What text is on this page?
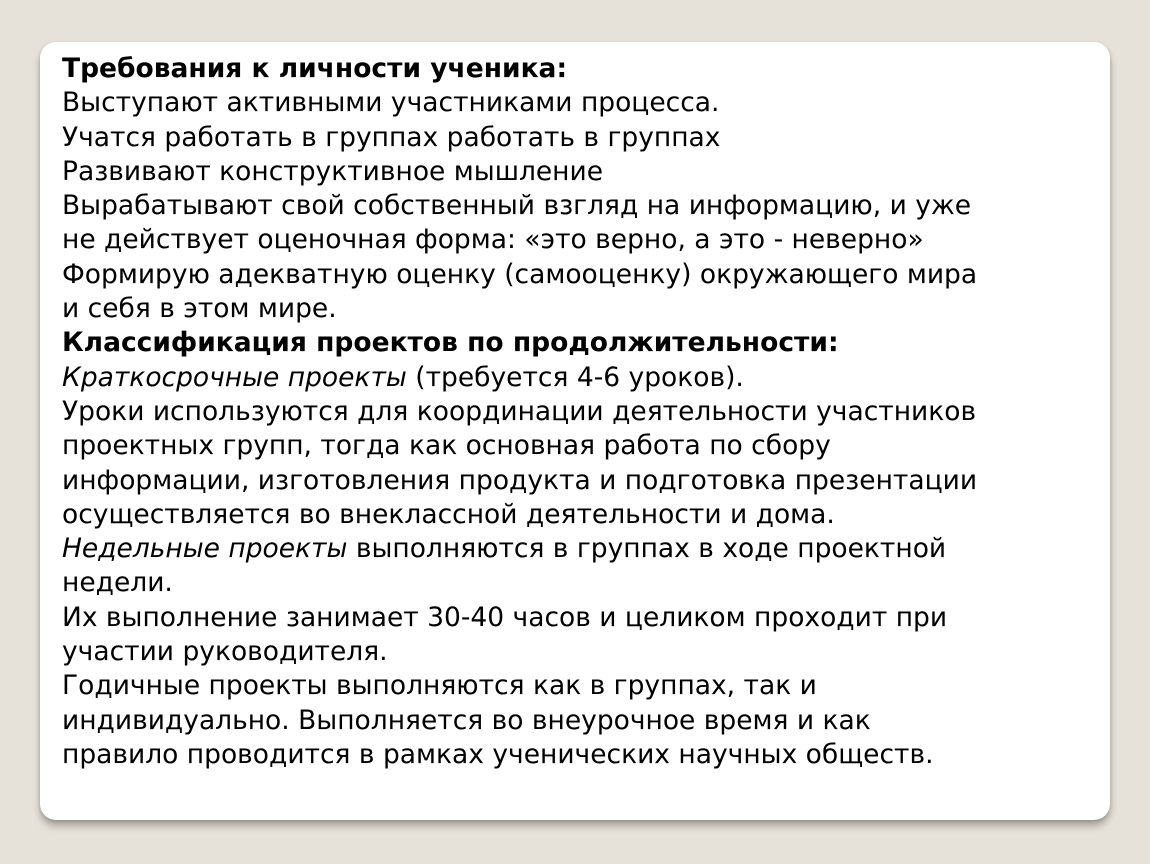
Требования к личности ученика:
Выступают активными участниками процесса.
Учатся работать в группах работать в группах
Развивают конструктивное мышление
Вырабатывают свой собственный взгляд на информацию, и уже
не действует оценочная форма: «это верно, а это - неверно»
Формирую адекватную оценку (самооценку) окружающего мира
и себя в этом мире.
Классификация проектов по продолжительности:
Краткосрочные проекты (требуется 4-6 уроков).
Уроки используются для координации деятельности участников
проектных групп, тогда как основная работа по сбору
информации, изготовления продукта и подготовка презентации
осуществляется во внеклассной деятельности и дома.
Недельные проекты выполняются в группах в ходе проектной
недели.
Их выполнение занимает 30-40 часов и целиком проходит при
участии руководителя.
Годичные проекты выполняются как в группах, так и
индивидуально. Выполняется во внеурочное время и как
правило проводится в рамках ученических научных обществ.
